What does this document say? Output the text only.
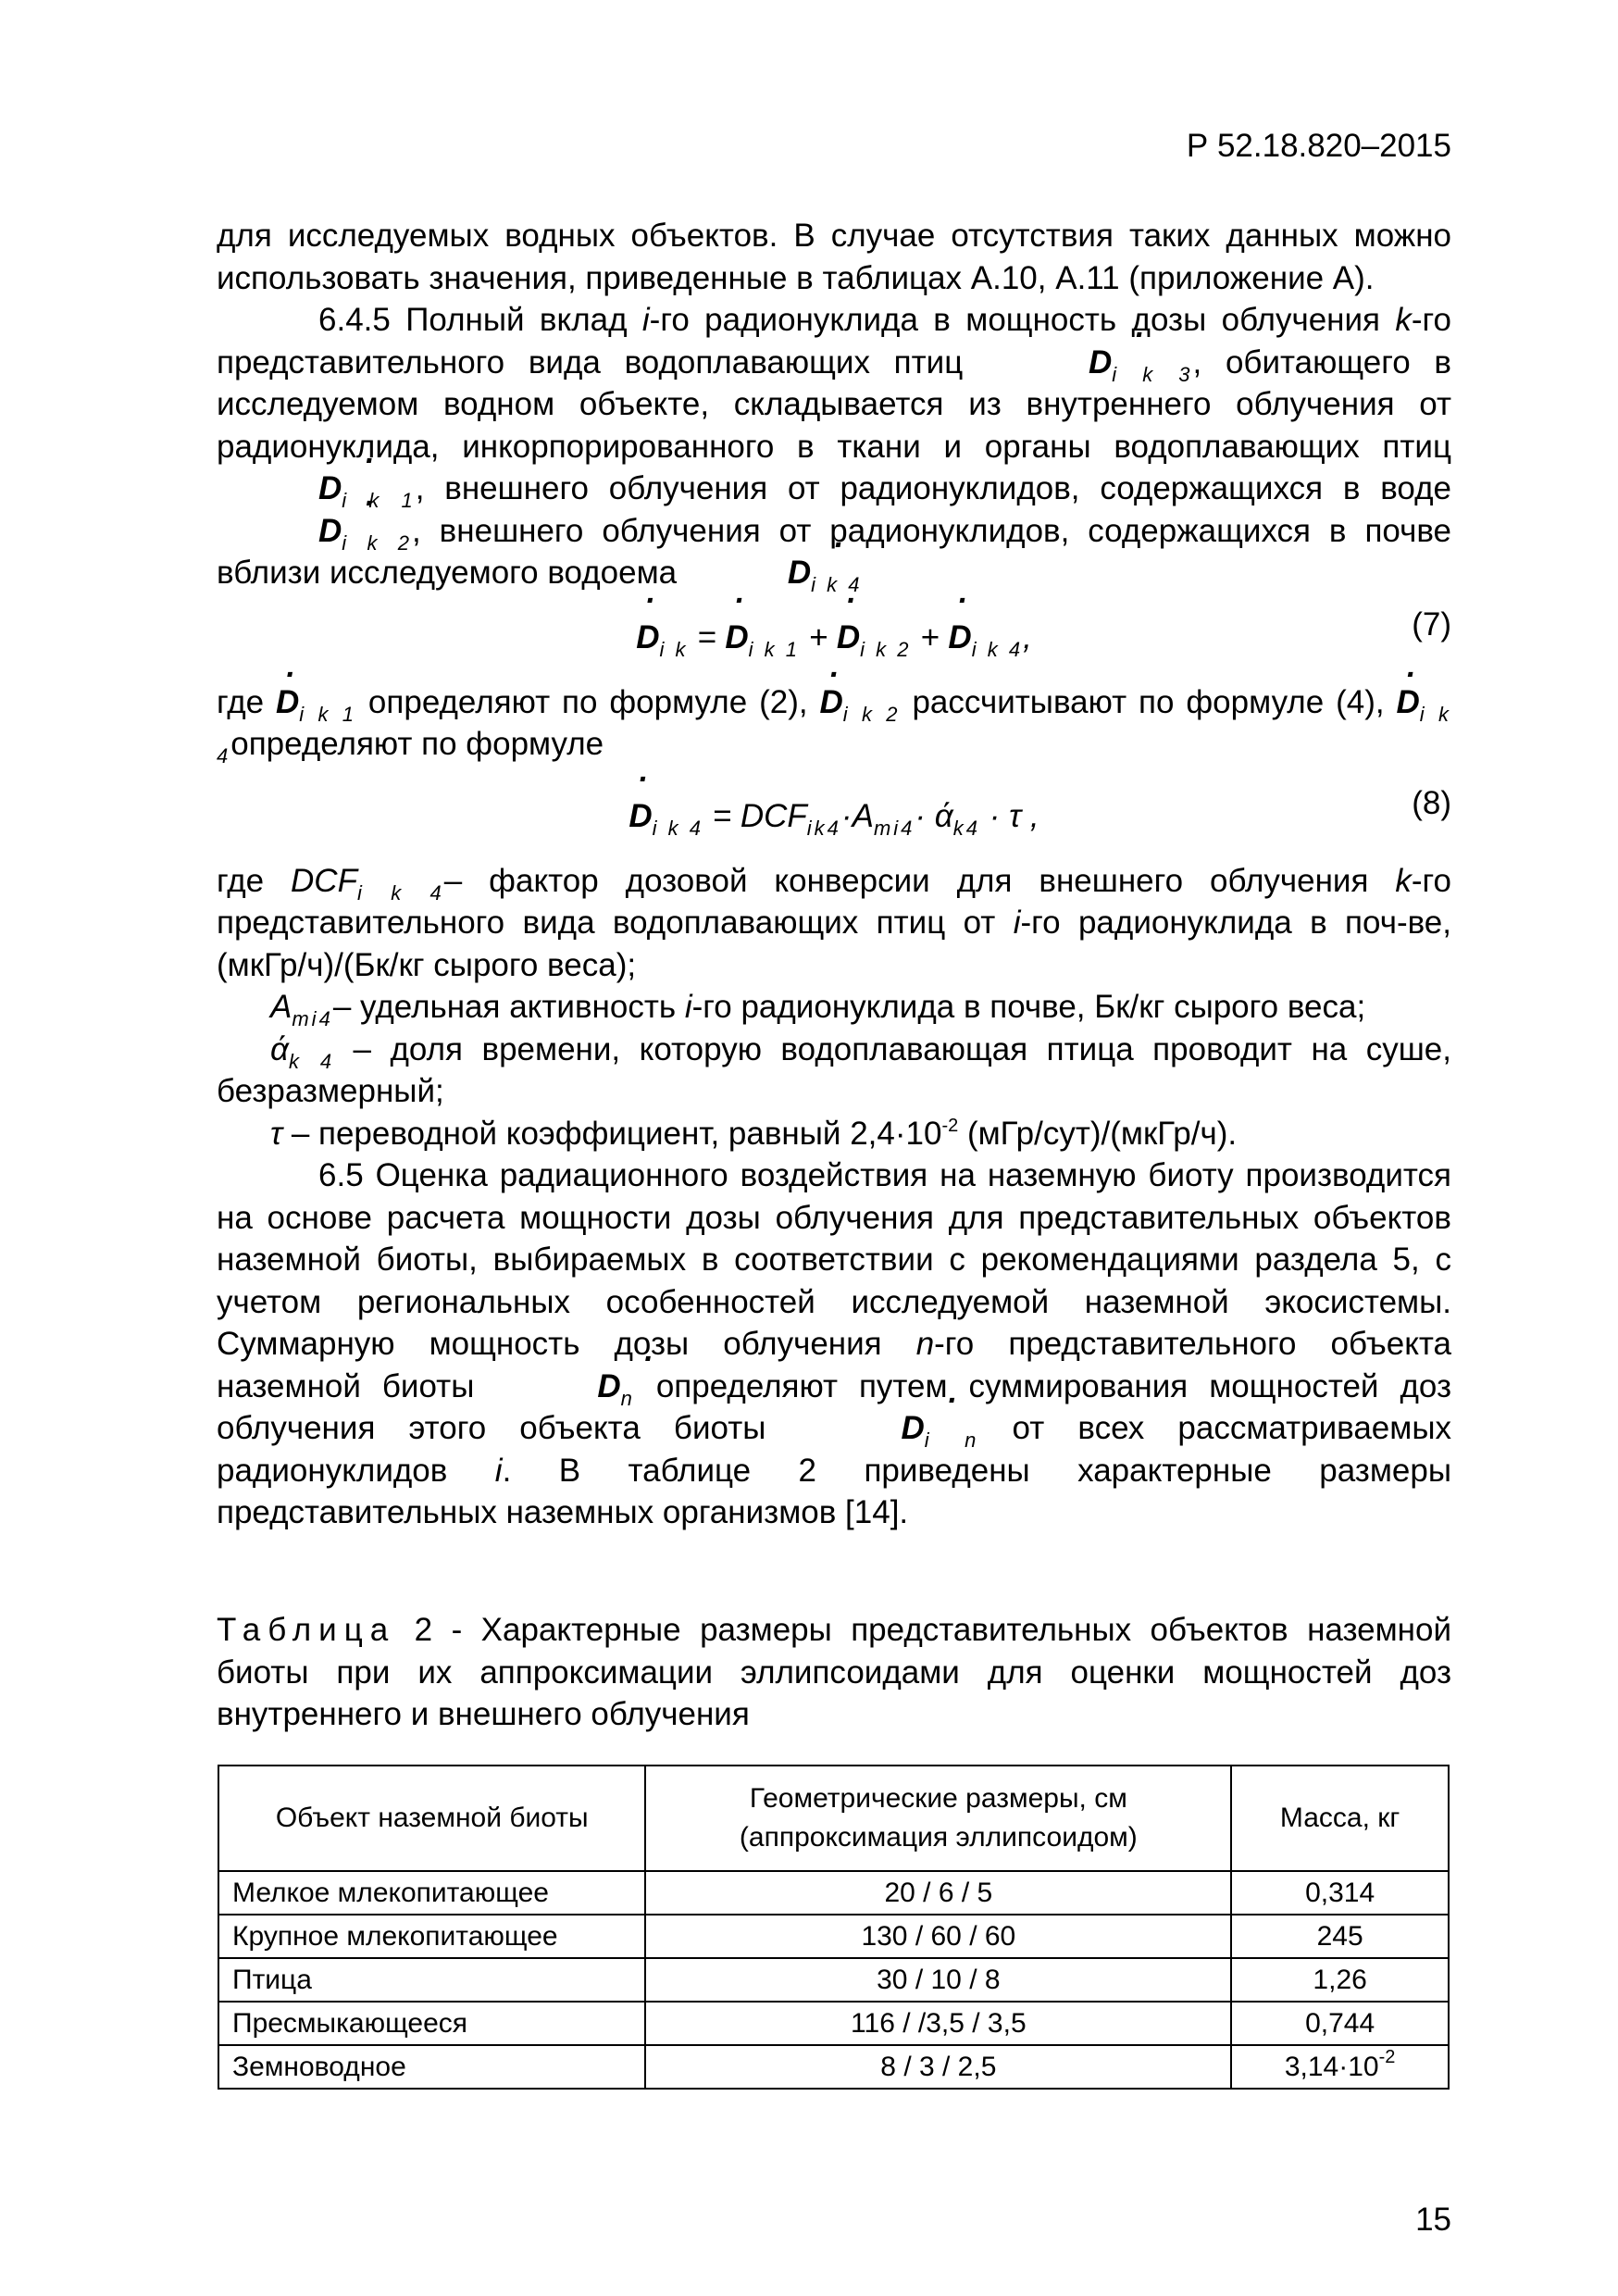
Р 52.18.820–2015

для исследуемых водных объектов. В случае отсутствия таких данных можно использовать значения, приведенные в таблицах А.10, А.11 (приложение А).

6.4.5 Полный вклад i-го радионуклида в мощность дозы облучения k-го представительного вида водоплавающих птиц	· $D_{i k 3}$, обитающего в исследуемом водном объекте, складывается из внутреннего облучения от радионуклида, инкорпорированного в ткани и органы водоплавающих птиц · $D_{i k 1}$, внешнего облучения от радионуклидов, содержащихся в воде · $D_{i k 2}$, внешнего облучения от радионуклидов, содержащихся в почве вблизи исследуемого водоема	· $D_{i k 4}$

· $D_{i k}$ = · $D_{i k 1}$ + · $D_{i k 2}$ + · $D_{i k 4}$,	(7)

где · $D_{i k 1}$ определяют по формуле (2), · $D_{i k 2}$ рассчитывают по формуле (4), · $D_{i k 4}определяют$ по формуле

· $D_{i k 4} = DCF_{ik4}\cdot A_{mi4}\cdot ά_{k4} \cdot \tau$ ,	(8)

где $DCF_{i k 4}-$ фактор дозовой конверсии для внешнего облучения k-го представительного вида водоплавающих птиц от i-го радионуклида в поч-ве, (мкГр/ч)/(Бк/кг сырого веса);

$А_{mi4}-$ удельная активность i-го радионуклида в почве, Бк/кг сырого веса;

$ά_{k 4}$ – доля времени, которую водоплавающая птица проводит на суше, безразмерный;

τ – переводной коэффициент, равный $2,4\cdot 10^{-2}$ (мГр/сут)/(мкГр/ч).

6.5 Оценка радиационного воздействия на наземную биоту производится на основе расчета мощности дозы облучения для представительных объектов наземной биоты, выбираемых в соответствии с рекомендациями раздела 5, с учетом региональных особенностей исследуемой наземной экосистемы. Суммарную мощность дозы облучения n-го представительного объекта наземной биоты	· $D_n$ определяют путем суммирования мощностей доз облучения этого объекта биоты	· $D_{i n}$ от всех рассматриваемых радионуклидов i. В таблице 2 приведены характерные размеры представительных наземных организмов [14].

Таблица 2 - Характерные размеры представительных объектов наземной биоты при их аппроксимации эллипсоидами для оценки мощностей доз внутреннего и внешнего облучения
Объект наземной биоты	Геометрические размеры, см (аппроксимация эллипсоидом)	Масса, кг
Мелкое млекопитающее	20 / 6 / 5	0,314
Крупное млекопитающее	130 / 60 / 60	245
Птица	30 / 10 / 8	1,26
Пресмыкающееся	116 / /3,5 / 3,5	0,744
Земноводное	8 / 3 / 2,5	$3,14\cdot 10^{-2}$
15
